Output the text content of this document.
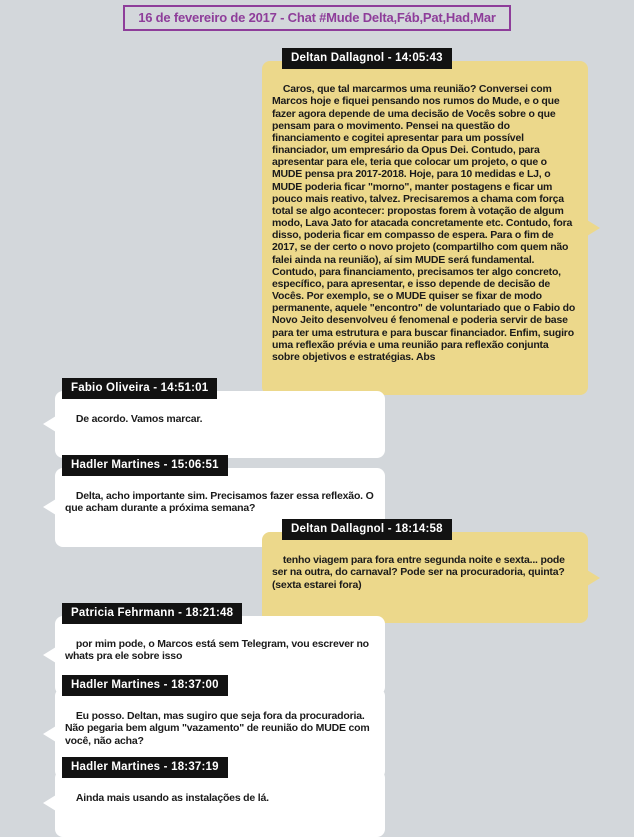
16 de fevereiro de 2017 - Chat #Mude Delta,Fáb,Pat,Had,Mar
Deltan Dallagnol - 14:05:43

Caros, que tal marcarmos uma reunião? Conversei com Marcos hoje e fiquei pensando nos rumos do Mude, e o que fazer agora depende de uma decisão de Vocês sobre o que pensam para o movimento. Pensei na questão do financiamento e cogitei apresentar para um possível financiador, um empresário da Opus Dei. Contudo, para apresentar para ele, teria que colocar um projeto, o que o MUDE pensa pra 2017-2018. Hoje, para 10 medidas e LJ, o MUDE poderia ficar "morno", manter postagens e ficar um pouco mais reativo, talvez. Precisaremos a chama com força total se algo acontecer: propostas forem à votação de algum modo, Lava Jato for atacada concretamente etc. Contudo, fora disso, poderia ficar em compasso de espera. Para o fim de 2017, se der certo o novo projeto (compartilho com quem não falei ainda na reunião), aí sim MUDE será fundamental. Contudo, para financiamento, precisamos ter algo concreto, específico, para apresentar, e isso depende de decisão de Vocês. Por exemplo, se o MUDE quiser se fixar de modo permanente, aquele "encontro" de voluntariado que o Fabio do Novo Jeito desenvolveu é fenomenal e poderia servir de base para ter uma estrutura e para buscar financiador. Enfim, sugiro uma reflexão prévia e uma reunião para reflexão conjunta sobre objetivos e estratégias. Abs

Fabio Oliveira - 14:51:01

De acordo. Vamos marcar.

Hadler Martines - 15:06:51

Delta, acho importante sim. Precisamos fazer essa reflexão. O que acham durante a próxima semana?

Deltan Dallagnol - 18:14:58

tenho viagem para fora entre segunda noite e sexta... pode ser na outra, do carnaval? Pode ser na procuradoria, quinta? (sexta estarei fora)

Patricia Fehrmann - 18:21:48

por mim pode, o Marcos está sem Telegram, vou escrever no whats pra ele sobre isso

Hadler Martines - 18:37:00

Eu posso. Deltan, mas sugiro que seja fora da procuradoria. Não pegaria bem algum "vazamento" de reunião do MUDE com você, não acha?

Hadler Martines - 18:37:19

Ainda mais usando as instalações de lá.
